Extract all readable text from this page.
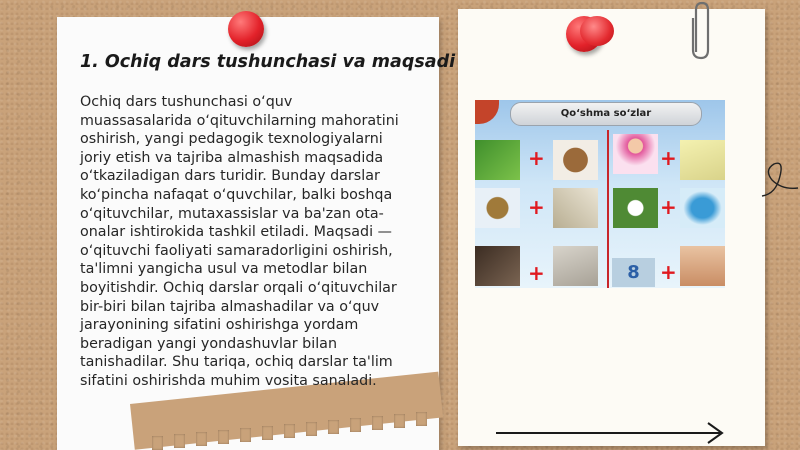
1. Ochiq dars tushunchasi va maqsadi

Ochiq dars tushunchasi o‘quv
muassasalarida o‘qituvchilarning mahoratini
oshirish, yangi pedagogik texnologiyalarni
joriy etish va tajriba almashish maqsadida
o‘tkaziladigan dars turidir. Bunday darslar
ko‘pincha nafaqat o‘quvchilar, balki boshqa
o‘qituvchilar, mutaxassislar va ba'zan ota-
onalar ishtirokida tashkil etiladi. Maqsadi —
o‘qituvchi faoliyati samaradorligini oshirish,
ta'limni yangicha usul va metodlar bilan
boyitishdir. Ochiq darslar orqali o‘qituvchilar
bir-biri bilan tajriba almashadilar va o‘quv
jarayonining sifatini oshirishga yordam
beradigan yangi yondashuvlar bilan
tanishadilar. Shu tariqa, ochiq darslar ta'lim
sifatini oshirishda muhim vosita sanaladi.

Qo‘shma so‘zlar
+	+
+	+
+	8	+
